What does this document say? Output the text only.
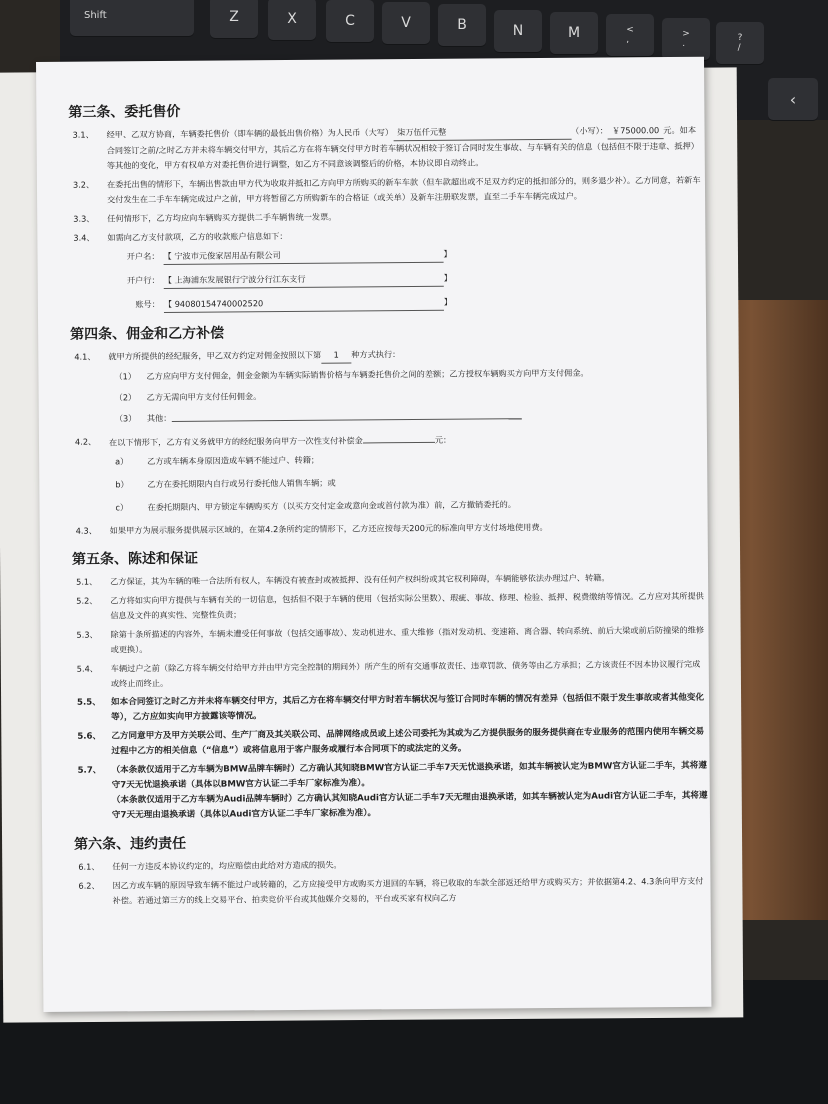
Shift	Z	X	C	V	B	N	M	<
,
>
.
?
/
‹
第三条、委托售价
3.1、	经甲、乙双方协商，车辆委托售价（即车辆的最低出售价格）为人民币（大写） 柒万伍仟元整	（小写）： ￥75000.00 元。如本合同签订之前/之时乙方并未将车辆交付甲方，其后乙方在将车辆交付甲方时若车辆状况相较于签订合同时发生事故、与车辆有关的信息（包括但不限于违章、抵押）等其他的变化，甲方有权单方对委托售价进行调整，如乙方不同意该调整后的价格，本协议即自动终止。
3.2、	在委托出售的情形下，车辆出售款由甲方代为收取并抵扣乙方向甲方所购买的新车车款（但车款超出或不足双方约定的抵扣部分的，则多退少补）。乙方同意，若新车交付发生在二手车车辆完成过户之前，甲方将暂留乙方所购新车的合格证（或关单）及新车注册联发票，直至二手车车辆完成过户。
3.3、	任何情形下，乙方均应向车辆购买方提供二手车辆售统一发票。
3.4、	如需向乙方支付款项，乙方的收款账户信息如下：
开户名： 【 宁波市元俊家居用品有限公司	】
开户行： 【 上海浦东发展银行宁波分行江东支行	】
账号： 【 94080154740002520	】
第四条、佣金和乙方补偿
4.1、	就甲方所提供的经纪服务，甲乙双方约定对佣金按照以下第 1 种方式执行：
（1）	乙方应向甲方支付佣金，佣金金额为车辆实际销售价格与车辆委托售价之间的差额；乙方授权车辆购买方向甲方支付佣金。
（2）	乙方无需向甲方支付任何佣金。
（3）	其他：
4.2、	在以下情形下，乙方有义务就甲方的经纪服务向甲方一次性支付补偿金	元：
a）	乙方或车辆本身原因造成车辆不能过户、转籍；
b）	乙方在委托期限内自行或另行委托他人销售车辆；或
c）	在委托期限内、甲方锁定车辆购买方（以买方交付定金或意向金或首付款为准）前，乙方撤销委托的。
4.3、	如果甲方为展示服务提供展示区域的，在第4.2条所约定的情形下，乙方还应按每天200元的标准向甲方支付场地使用费。
第五条、陈述和保证
5.1、	乙方保证，其为车辆的唯一合法所有权人，车辆没有被查封或被抵押、没有任何产权纠纷或其它权利障碍，车辆能够依法办理过户、转籍。
5.2、	乙方将如实向甲方提供与车辆有关的一切信息，包括但不限于车辆的使用（包括实际公里数）、瑕疵、事故、修理、检验、抵押、税费缴纳等情况。乙方应对其所提供信息及文件的真实性、完整性负责；
5.3、	除第十条所描述的内容外，车辆未遭受任何事故（包括交通事故）、发动机进水、重大维修（指对发动机、变速箱、离合器、转向系统、前后大梁或前后防撞梁的维修或更换）。
5.4、	车辆过户之前（除乙方将车辆交付给甲方并由甲方完全控制的期间外）所产生的所有交通事故责任、违章罚款、债务等由乙方承担；乙方该责任不因本协议履行完成或终止而终止。
5.5、	如本合同签订之时乙方并未将车辆交付甲方，其后乙方在将车辆交付甲方时若车辆状况与签订合同时车辆的情况有差异（包括但不限于发生事故或者其他变化等），乙方应如实向甲方披露该等情况。
5.6、	乙方同意甲方及甲方关联公司、生产厂商及其关联公司、品牌网络成员或上述公司委托为其或为乙方提供服务的服务提供商在专业服务的范围内使用车辆交易过程中乙方的相关信息（“信息”）或将信息用于客户服务或履行本合同项下的或法定的义务。
5.7、	（本条款仅适用于乙方车辆为BMW品牌车辆时）乙方确认其知晓BMW官方认证二手车7天无忧退换承诺，如其车辆被认定为BMW官方认证二手车，其将遵守7天无忧退换承诺（具体以BMW官方认证二手车厂家标准为准）。
（本条款仅适用于乙方车辆为Audi品牌车辆时）乙方确认其知晓Audi官方认证二手车7天无理由退换承诺，如其车辆被认定为Audi官方认证二手车，其将遵守7天无理由退换承诺（具体以Audi官方认证二手车厂家标准为准）。
第六条、违约责任
6.1、	任何一方违反本协议约定的，均应赔偿由此给对方造成的损失。
6.2、	因乙方或车辆的原因导致车辆不能过户或转籍的，乙方应接受甲方或购买方退回的车辆，将已收取的车款全部返还给甲方或购买方；并依据第4.2、4.3条向甲方支付补偿。若通过第三方的线上交易平台、拍卖竞价平台或其他媒介交易的，平台或买家有权向乙方
